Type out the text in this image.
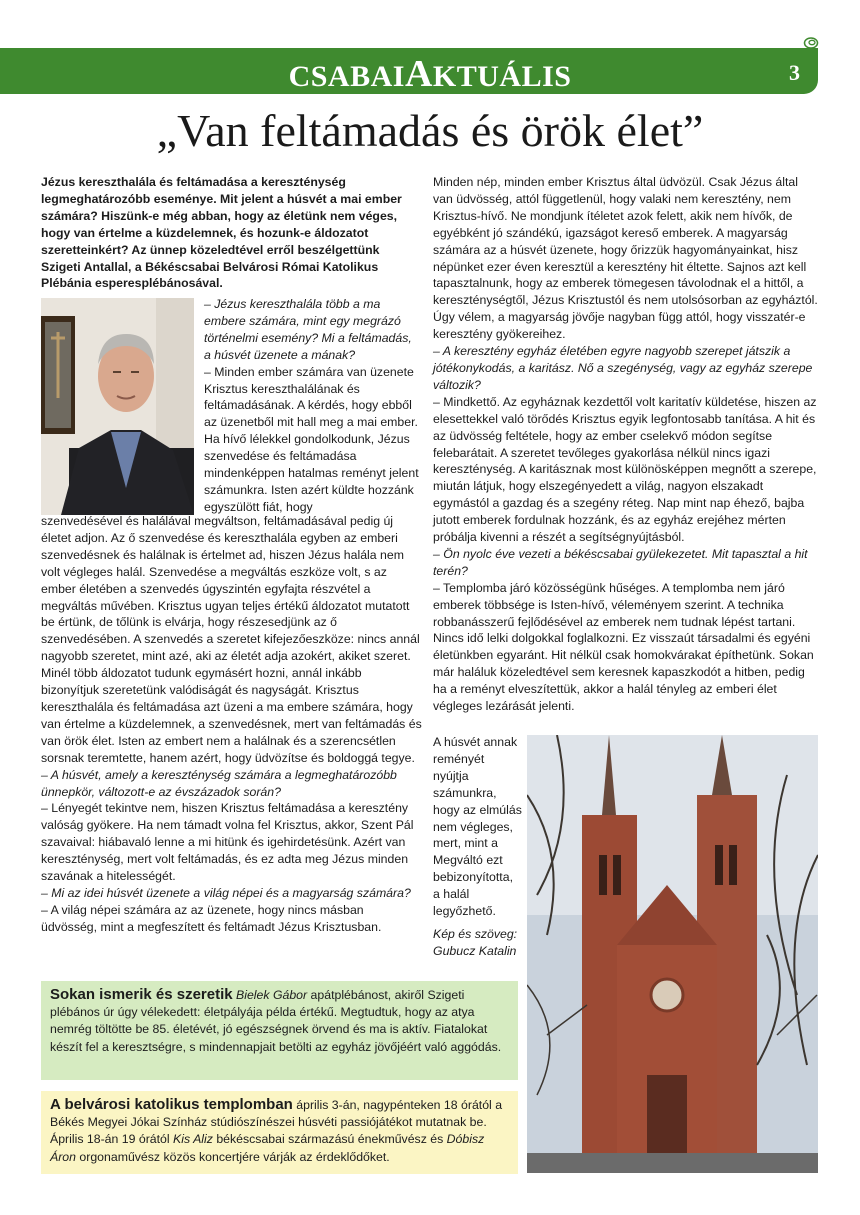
CSABAIAKTUÁLIS	3
„Van feltámadás és örök élet”
Jézus kereszthalála és feltámadása a kereszténység legmeghatározóbb eseménye. Mit jelent a húsvét a mai ember számára? Hiszünk-e még abban, hogy az életünk nem véges, hogy van értelme a küzdelemnek, és hozunk-e áldozatot szeretteinkért? Az ünnep közeledtével erről beszélgettünk Szigeti Antallal, a Békéscsabai Belvárosi Római Katolikus Plébánia esperesplébánosával.

– Jézus kereszthalála több a ma embere számára, mint egy megrázó történelmi esemény? Mi a feltámadás, a húsvét üzenete a mának?

– Minden ember számára van üzenete Krisztus kereszthalálának és feltámadásának. A kérdés, hogy ebből az üzenetből mit hall meg a mai ember. Ha hívő lélekkel gondolkodunk, Jézus szenvedése és feltámadása mindenképpen hatalmas reményt jelent számunkra. Isten azért küldte hozzánk egyszülött fiát, hogy

szenvedésével és halálával megváltson, feltámadásával pedig új életet adjon. Az ő szenvedése és kereszthalála egyben az emberi szenvedésnek és halálnak is értelmet ad, hiszen Jézus halála nem volt végleges halál. Szenvedése a megváltás eszköze volt, s az ember életében a szenvedés úgyszintén egyfajta részvétel a megváltás művében. Krisztus ugyan teljes értékű áldozatot mutatott be értünk, de tőlünk is elvárja, hogy részesedjünk az ő szenvedésében. A szenvedés a szeretet kifejezőeszköze: nincs annál nagyobb szeretet, mint azé, aki az életét adja azokért, akiket szeret. Minél több áldozatot tudunk egymásért hozni, annál inkább bizonyítjuk szeretetünk valódiságát és nagyságát. Krisztus kereszthalála és feltámadása azt üzeni a ma embere számára, hogy van értelme a küzdelemnek, a szenvedésnek, mert van feltámadás és van örök élet. Isten az embert nem a halálnak és a szerencsétlen sorsnak teremtette, hanem azért, hogy üdvözítse és boldoggá tegye.

– A húsvét, amely a kereszténység számára a legmeghatározóbb ünnepkör, változott-e az évszázadok során?

– Lényegét tekintve nem, hiszen Krisztus feltámadása a keresztény valóság gyökere. Ha nem támadt volna fel Krisztus, akkor, Szent Pál szavaival: hiábavaló lenne a mi hitünk és igehirdetésünk. Azért van kereszténység, mert volt feltámadás, és ez adta meg Jézus minden szavának a hitelességét.

– Mi az idei húsvét üzenete a világ népei és a magyarság számára?

– A világ népei számára az az üzenete, hogy nincs másban üdvösség, mint a megfeszített és feltámadt Jézus Krisztusban.

Minden nép, minden ember Krisztus által üdvözül. Csak Jézus által van üdvösség, attól függetlenül, hogy valaki nem keresztény, nem Krisztus-hívő. Ne mondjunk ítéletet azok felett, akik nem hívők, de egyébként jó szándékú, igazságot kereső emberek. A magyarság számára az a húsvét üzenete, hogy őrizzük hagyományainkat, hisz népünket ezer éven keresztül a keresztény hit éltette. Sajnos azt kell tapasztalnunk, hogy az emberek tömegesen távolodnak el a hittől, a kereszténységtől, Jézus Krisztustól és nem utolsósorban az egyháztól. Úgy vélem, a magyarság jövője nagyban függ attól, hogy visszatér-e keresztény gyökereihez.

– A keresztény egyház életében egyre nagyobb szerepet játszik a jótékonykodás, a karitász. Nő a szegénység, vagy az egyház szerepe változik?

– Mindkettő. Az egyháznak kezdettől volt karitatív küldetése, hiszen az elesettekkel való törődés Krisztus egyik legfontosabb tanítása. A hit és az üdvösség feltétele, hogy az ember cselekvő módon segítse felebarátait. A szeretet tevőleges gyakorlása nélkül nincs igazi kereszténység. A karitásznak most különösképpen megnőtt a szerepe, miután látjuk, hogy elszegényedett a világ, nagyon elszakadt egymástól a gazdag és a szegény réteg. Nap mint nap éhező, bajba jutott emberek fordulnak hozzánk, és az egyház erejéhez mérten próbálja kivenni a részét a segítségnyújtásból.

– Ön nyolc éve vezeti a békéscsabai gyülekezetet. Mit tapasztal a hit terén?

– Templomba járó közösségünk hűséges. A templomba nem járó emberek többsége is Isten-hívő, véleményem szerint. A technika robbanásszerű fejlődésével az emberek nem tudnak lépést tartani. Nincs idő lelki dolgokkal foglalkozni. Ez visszaút társadalmi és egyéni életünkben egyaránt. Hit nélkül csak homokvárakat építhetünk. Sokan már haláluk közeledtével sem keresnek kapaszkodót a hitben, pedig ha a reményt elveszítettük, akkor a halál tényleg az emberi élet végleges lezárását jelenti.

A húsvét annak reményét nyújtja számunkra, hogy az elmúlás nem végleges, mert, mint a Megváltó ezt bebizonyította, a halál legyőzhető.

Kép és szöveg: Gubucz Katalin

Sokan ismerik és szeretik Bielek Gábor apátplébánost, akiről Szigeti plébános úr úgy vélekedett: életpályája példa értékű. Megtudtuk, hogy az atya nemrég töltötte be 85. életévét, jó egészségnek örvend és ma is aktív. Fiatalokat készít fel a keresztségre, s mindennapjait betölti az egyház jövőjéért való aggódás.
A belvárosi katolikus templomban április 3-án, nagypénteken 18 órától a Békés Megyei Jókai Színház stúdiószínészei húsvéti passiójátékot mutatnak be. Április 18-án 19 órától Kis Aliz békéscsabai származású énekművész és Dóbisz Áron orgonaművész közös koncertjére várják az érdeklődőket.
